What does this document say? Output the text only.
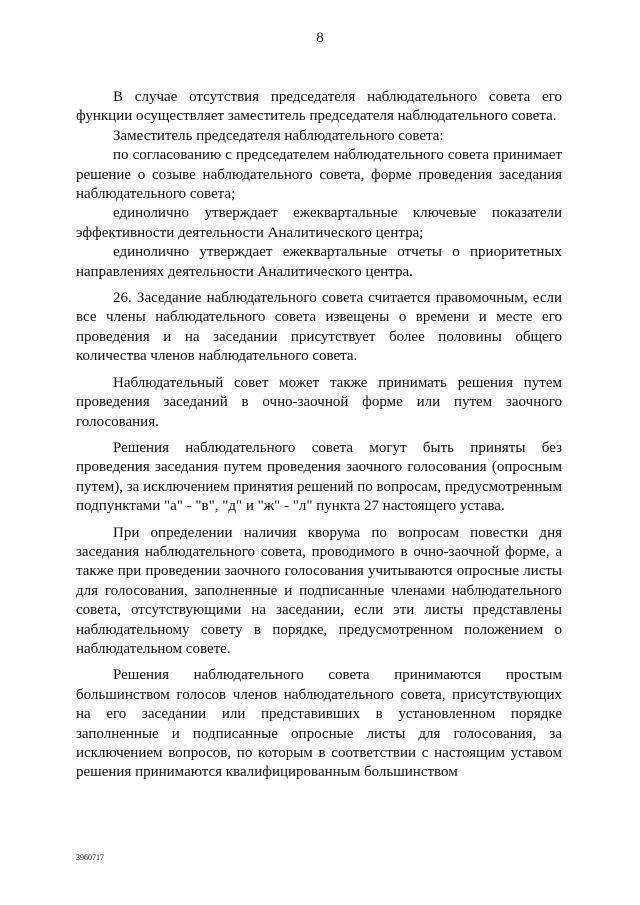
8

В случае отсутствия председателя наблюдательного совета его функции осуществляет заместитель председателя наблюдательного совета.

Заместитель председателя наблюдательного совета:

по согласованию с председателем наблюдательного совета принимает решение о созыве наблюдательного совета, форме проведения заседания наблюдательного совета;

единолично утверждает ежеквартальные ключевые показатели эффективности деятельности Аналитического центра;

единолично утверждает ежеквартальные отчеты о приоритетных направлениях деятельности Аналитического центра.

26. Заседание наблюдательного совета считается правомочным, если все члены наблюдательного совета извещены о времени и месте его проведения и на заседании присутствует более половины общего количества членов наблюдательного совета.

Наблюдательный совет может также принимать решения путем проведения заседаний в очно-заочной форме или путем заочного голосования.

Решения наблюдательного совета могут быть приняты без проведения заседания путем проведения заочного голосования (опросным путем), за исключением принятия решений по вопросам, предусмотренным подпунктами "а" - "в", "д" и "ж" - "л" пункта 27 настоящего устава.

При определении наличия кворума по вопросам повестки дня заседания наблюдательного совета, проводимого в очно-заочной форме, а также при проведении заочного голосования учитываются опросные листы для голосования, заполненные и подписанные членами наблюдательного совета, отсутствующими на заседании, если эти листы представлены наблюдательному совету в порядке, предусмотренном положением о наблюдательном совете.

Решения наблюдательного совета принимаются простым большинством голосов членов наблюдательного совета, присутствующих на его заседании или представивших в установленном порядке заполненные и подписанные опросные листы для голосования, за исключением вопросов, по которым в соответствии с настоящим уставом решения принимаются квалифицированным большинством

3960717
